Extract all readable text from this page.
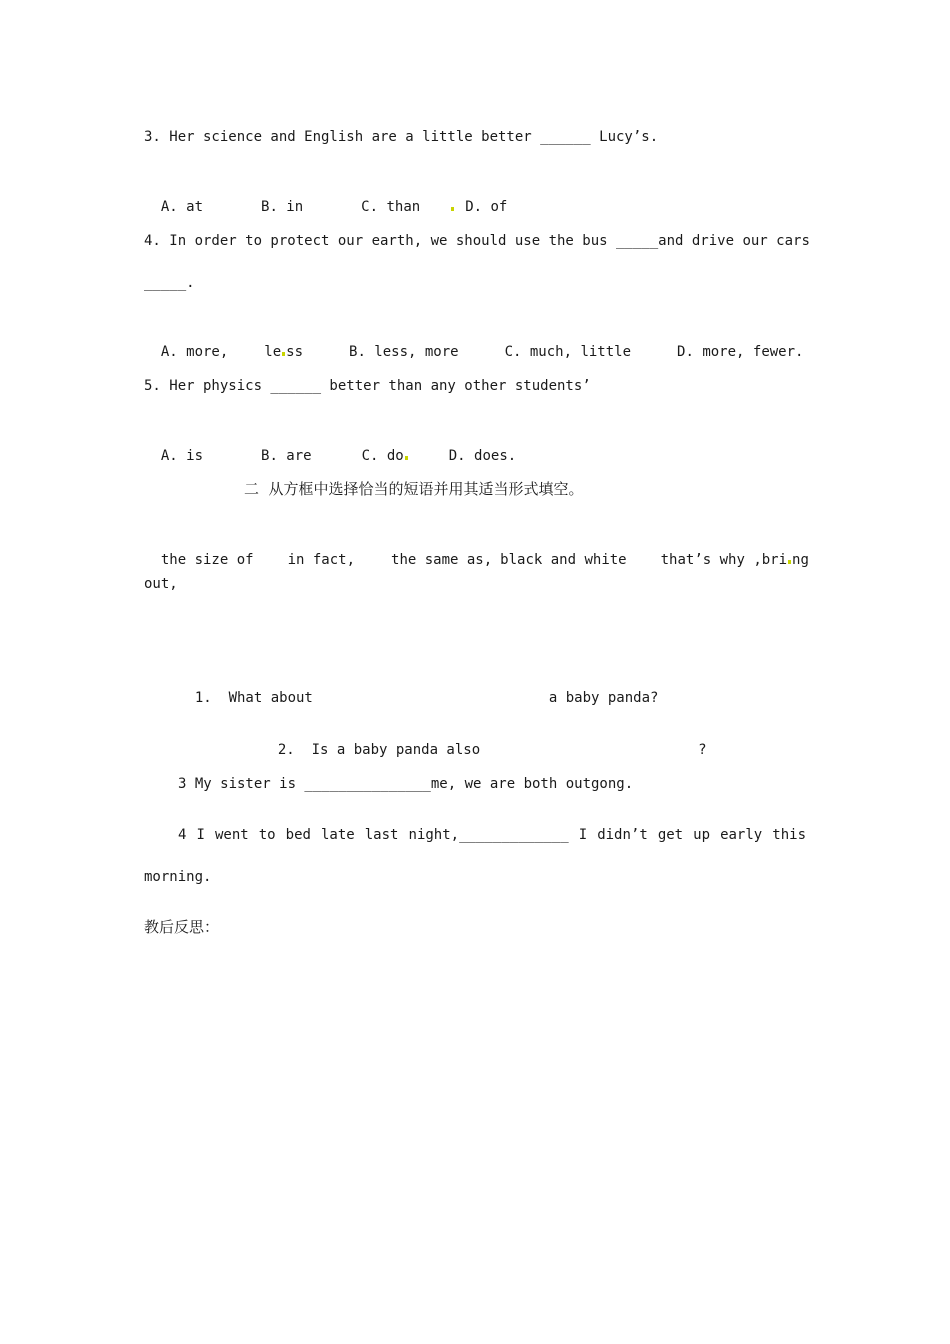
3. Her science and English are a little better ______ Lucy’s.

A. at	B. in	C. than	D. of

4. In order to protect our earth, we should use the bus _____and drive our cars
_____.

A. more,	le ss	B. less, more	C. much, little	D. more, fewer.

5. Her physics ______ better than any other students’

A. is	B. are	C. do	D. does.

二  从方框中选择恰当的短语并用其适当形式填空。

the size of in fact,	the same as, black and white that’s why ,bri ng

out,

1.  What about	a baby panda?

2.  Is a baby panda also	?

3 My sister is _______________me, we are both outgong.
4 I went to bed late last night,_____________ I didn’t get up early this
morning.
教后反思：
